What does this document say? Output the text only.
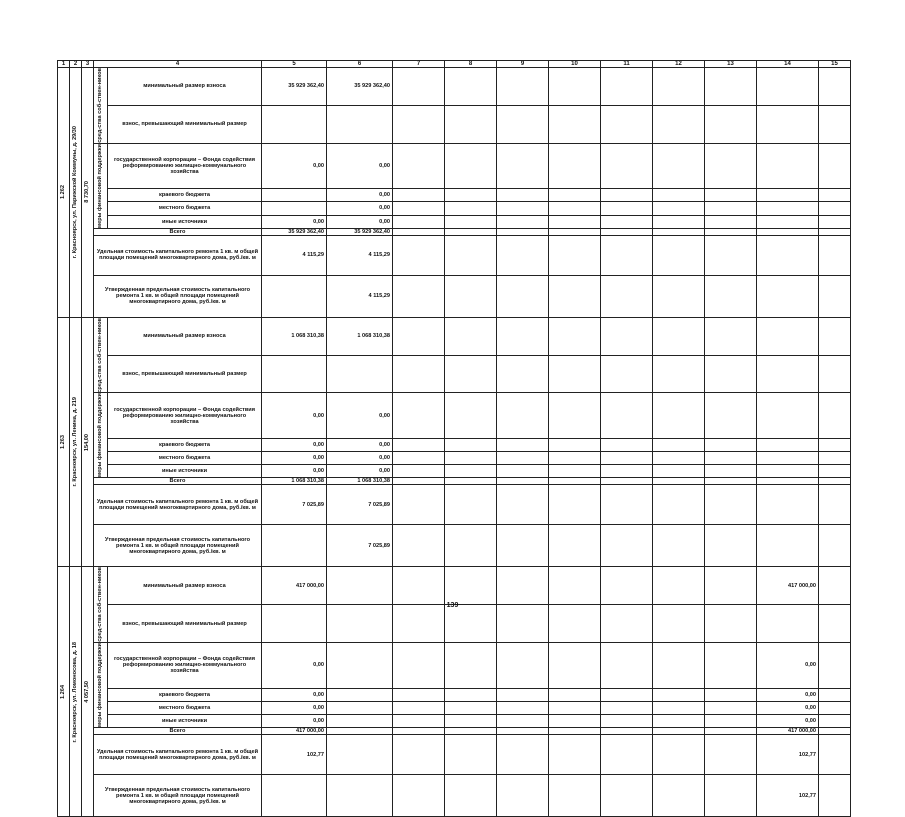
1	2	3	4		5	6	7	8	9	10	11	12	13	14	15

1.262	г. Красноярск, ул. Парижской Коммуны, д. 29/30	8 730,70	сред-ства соб-ствен-ников	минимальный размер взноса	35 929 362,40	35 929 362,40									
				взнос, превышающий минимальный размер											

			меры финансовой поддержки	государственной корпорации – Фонда содействия реформированию жилищно-коммунального хозяйства	0,00	0,00									
				краевого бюджета		0,00									
				местного бюджета		0,00									
				иные источники	0,00	0,00									
			Всего		35 929 362,40	35 929 362,40									
			Удельная стоимость капитального ремонта 1 кв. м общей площади помещений многоквартирного дома, руб./кв. м		4 115,29	4 115,29									
			Утвержденная предельная стоимость капитального ремонта 1 кв. м общей площади помещений многоквартирного дома, руб./кв. м			4 115,29									

1.263	г. Красноярск, ул. Ленина, д. 219	154,00	сред-ства соб-ствен-ников	минимальный размер взноса	1 068 310,38	1 068 310,38									
				взнос, превышающий минимальный размер											

			меры финансовой поддержки	государственной корпорации – Фонда содействия реформированию жилищно-коммунального хозяйства	0,00	0,00									
				краевого бюджета	0,00	0,00									
				местного бюджета	0,00	0,00									
				иные источники	0,00	0,00									
			Всего		1 068 310,38	1 068 310,38									
			Удельная стоимость капитального ремонта 1 кв. м общей площади помещений многоквартирного дома, руб./кв. м		7 025,89	7 025,89									
			Утвержденная предельная стоимость капитального ремонта 1 кв. м общей площади помещений многоквартирного дома, руб./кв. м			7 025,89									

1.264	г. Красноярск, ул. Ломоносова, д. 18	4 057,50	сред-ства соб-ствен-ников	минимальный размер взноса	417 000,00									417 000,00	
				взнос, превышающий минимальный размер											

			меры финансовой поддержки	государственной корпорации – Фонда содействия реформированию жилищно-коммунального хозяйства	0,00									0,00	
				краевого бюджета	0,00									0,00	
				местного бюджета	0,00									0,00	
				иные источники	0,00									0,00	
			Всего		417 000,00									417 000,00	
			Удельная стоимость капитального ремонта 1 кв. м общей площади помещений многоквартирного дома, руб./кв. м		102,77									102,77	
			Утвержденная предельная стоимость капитального ремонта 1 кв. м общей площади помещений многоквартирного дома, руб./кв. м											102,77	
139
